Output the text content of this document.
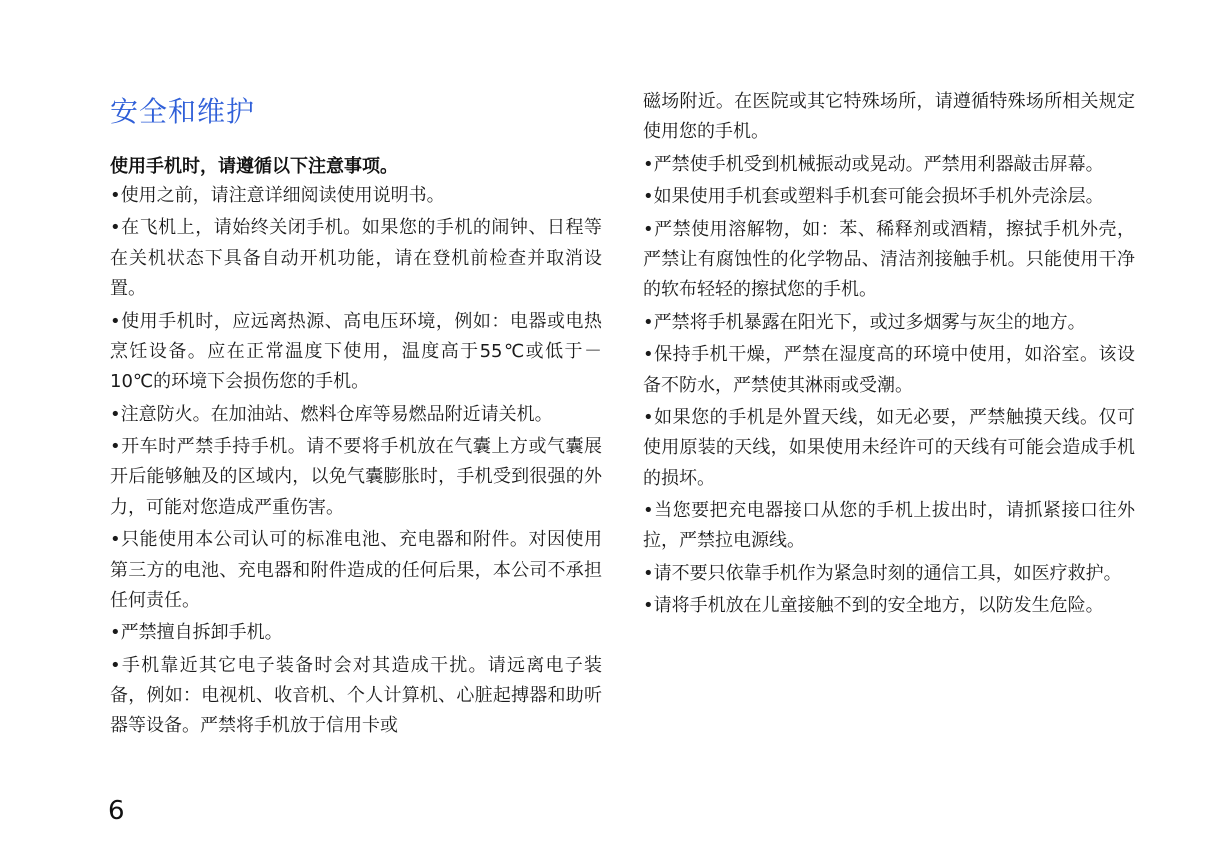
安全和维护

使用手机时，请遵循以下注意事项。

•使用之前，请注意详细阅读使用说明书。
•在飞机上，请始终关闭手机。如果您的手机的闹钟、日程等在关机状态下具备自动开机功能，请在登机前检查并取消设置。
•使用手机时，应远离热源、高电压环境，例如：电器或电热烹饪设备。应在正常温度下使用，温度高于55℃或低于－10℃的环境下会损伤您的手机。
•注意防火。在加油站、燃料仓库等易燃品附近请关机。
•开车时严禁手持手机。请不要将手机放在气囊上方或气囊展开后能够触及的区域内，以免气囊膨胀时，手机受到很强的外力，可能对您造成严重伤害。
•只能使用本公司认可的标准电池、充电器和附件。对因使用第三方的电池、充电器和附件造成的任何后果，本公司不承担任何责任。
•严禁擅自拆卸手机。
•手机靠近其它电子装备时会对其造成干扰。请远离电子装备，例如：电视机、收音机、个人计算机、心脏起搏器和助听器等设备。严禁将手机放于信用卡或
磁场附近。在医院或其它特殊场所，请遵循特殊场所相关规定使用您的手机。
•严禁使手机受到机械振动或晃动。严禁用利器敲击屏幕。
•如果使用手机套或塑料手机套可能会损坏手机外壳涂层。
•严禁使用溶解物，如：苯、稀释剂或酒精，擦拭手机外壳，严禁让有腐蚀性的化学物品、清洁剂接触手机。只能使用干净的软布轻轻的擦拭您的手机。
•严禁将手机暴露在阳光下，或过多烟雾与灰尘的地方。
•保持手机干燥，严禁在湿度高的环境中使用，如浴室。该设备不防水，严禁使其淋雨或受潮。
•如果您的手机是外置天线，如无必要，严禁触摸天线。仅可使用原装的天线，如果使用未经许可的天线有可能会造成手机的损坏。
•当您要把充电器接口从您的手机上拔出时，请抓紧接口往外拉，严禁拉电源线。
•请不要只依靠手机作为紧急时刻的通信工具，如医疗救护。
•请将手机放在儿童接触不到的安全地方，以防发生危险。
6
